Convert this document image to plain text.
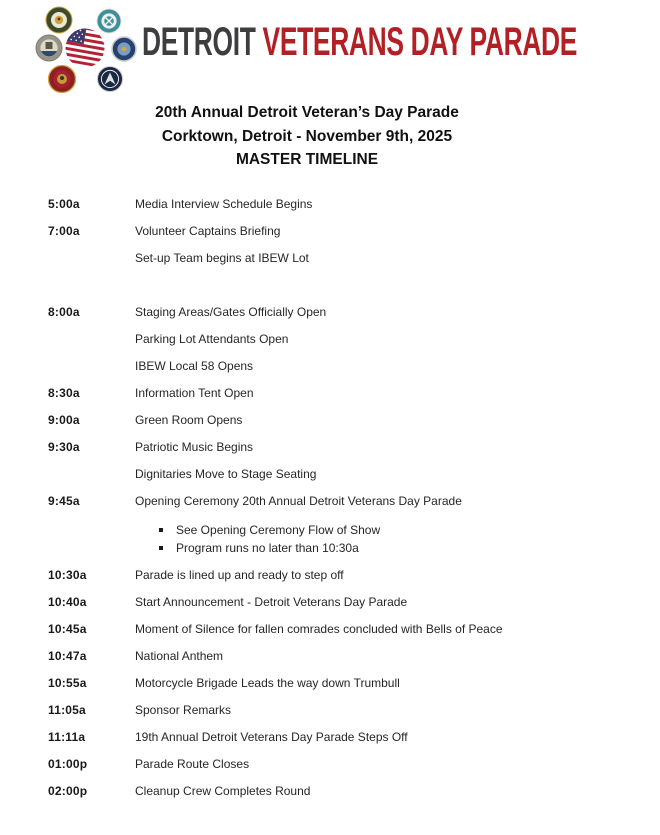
DETROIT VETERANS DAY PARADE
20th Annual Detroit Veteran’s Day Parade
Corktown, Detroit - November 9th, 2025
MASTER TIMELINE
5:00a	Media Interview Schedule Begins
7:00a	Volunteer Captains Briefing
Set-up Team begins at IBEW Lot
8:00a	Staging Areas/Gates Officially Open
Parking Lot Attendants Open
IBEW Local 58 Opens
8:30a	Information Tent Open
9:00a	Green Room Opens
9:30a	Patriotic Music Begins
Dignitaries Move to Stage Seating
9:45a	Opening Ceremony 20th Annual Detroit Veterans Day Parade
See Opening Ceremony Flow of Show
Program runs no later than 10:30a
10:30a	Parade is lined up and ready to step off
10:40a	Start Announcement - Detroit Veterans Day Parade
10:45a	Moment of Silence for fallen comrades concluded with Bells of Peace
10:47a	National Anthem
10:55a	Motorcycle Brigade Leads the way down Trumbull
11:05a	Sponsor Remarks
11:11a	19th Annual Detroit Veterans Day Parade Steps Off
01:00p	Parade Route Closes
02:00p	Cleanup Crew Completes Round
